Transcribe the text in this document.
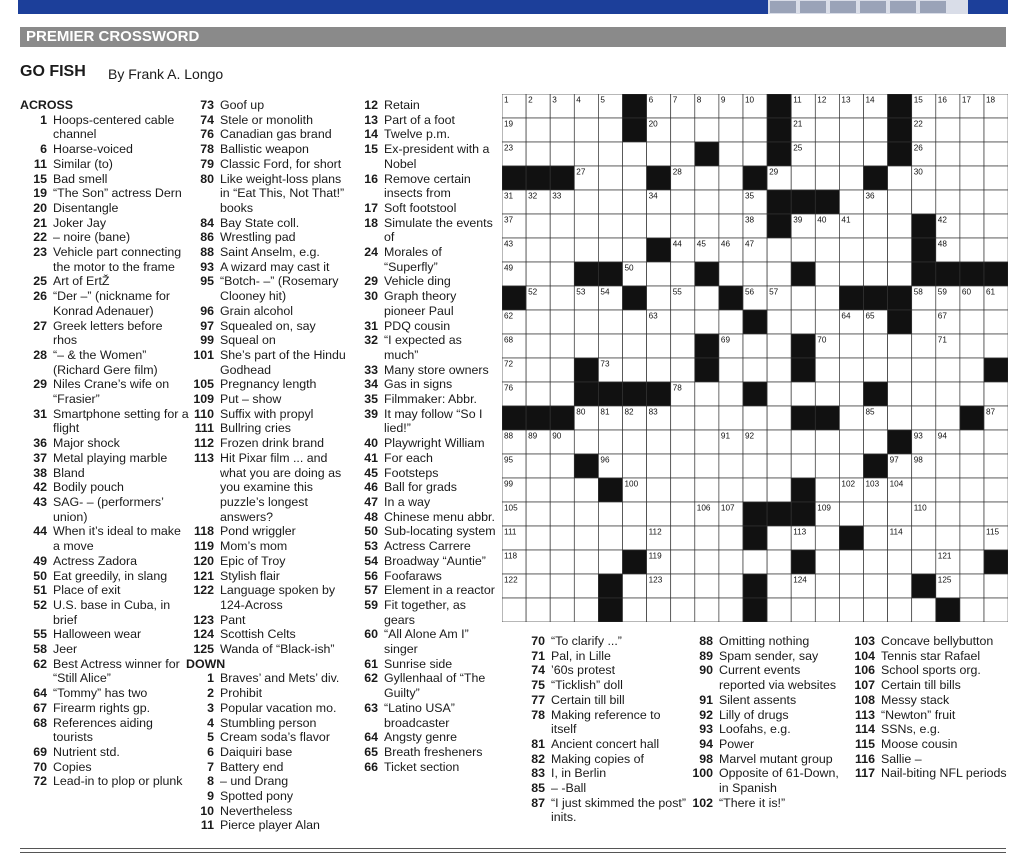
PREMIER CROSSWORD
GO FISH By Frank A. Longo
ACROSS
1 Hoops-centered cable channel
6 Hoarse-voiced
11 Similar (to)
15 Bad smell
19 “The Son” actress Dern
20 Disentangle
21 Joker Jay
22 – noire (bane)
23 Vehicle part connecting the motor to the frame
25 Art of ErtŽ
26 “Der –” (nickname for Konrad Adenauer)
27 Greek letters before rhos
28 “– & the Women” (Richard Gere film)
29 Niles Crane’s wife on “Frasier”
31 Smartphone setting for a flight
36 Major shock
37 Metal playing marble
38 Bland
42 Bodily pouch
43 SAG- – (performers’ union)
44 When it’s ideal to make a move
49 Actress Zadora
50 Eat greedily, in slang
51 Place of exit
52 U.S. base in Cuba, in brief
55 Halloween wear
58 Jeer
62 Best Actress winner for “Still Alice”
64 “Tommy” has two
67 Firearm rights gp.
68 References aiding tourists
69 Nutrient std.
70 Copies
72 Lead-in to plop or plunk
73 Goof up
74 Stele or monolith
76 Canadian gas brand
78 Ballistic weapon
79 Classic Ford, for short
80 Like weight-loss plans in “Eat This, Not That!” books
84 Bay State coll.
86 Wrestling pad
88 Saint Anselm, e.g.
93 A wizard may cast it
95 “Botch- –” (Rosemary Clooney hit)
96 Grain alcohol
97 Squealed on, say
99 Squeal on
101 She’s part of the Hindu Godhead
105 Pregnancy length
109 Put – show
110 Suffix with propyl
111 Bullring cries
112 Frozen drink brand
113 Hit Pixar film ... and what you are doing as you examine this puzzle’s longest answers?
118 Pond wriggler
119 Mom’s mom
120 Epic of Troy
121 Stylish flair
122 Language spoken by 124-Across
123 Pant
124 Scottish Celts
125 Wanda of “Black-ish”
DOWN
1 Braves’ and Mets’ div.
2 Prohibit
3 Popular vacation mo.
4 Stumbling person
5 Cream soda’s flavor
6 Daiquiri base
7 Battery end
8 – und Drang
9 Spotted pony
10 Nevertheless
11 Pierce player Alan
12 Retain
13 Part of a foot
14 Twelve p.m.
15 Ex-president with a Nobel
16 Remove certain insects from
17 Soft footstool
18 Simulate the events of
24 Morales of “Superfly”
29 Vehicle ding
30 Graph theory pioneer Paul
31 PDQ cousin
32 “I expected as much”
33 Many store owners
34 Gas in signs
35 Filmmaker: Abbr.
39 It may follow “So I lied!”
40 Playwright William
41 For each
45 Footsteps
46 Ball for grads
47 In a way
48 Chinese menu abbr.
50 Sub-locating system
53 Actress Carrere
54 Broadway “Auntie”
56 Foofaraws
57 Element in a reactor
59 Fit together, as gears
60 “All Alone Am I” singer
61 Sunrise side
62 Gyllenhaal of “The Guilty”
63 “Latino USA” broadcaster
64 Angsty genre
65 Breath fresheners
66 Ticket section
70 “To clarify ...”
71 Pal, in Lille
74 ’60s protest
75 “Ticklish” doll
77 Certain till bill
78 Making reference to itself
81 Ancient concert hall
82 Making copies of
83 I, in Berlin
85 – -Ball
87 “I just skimmed the post” inits.
88 Omitting nothing
89 Spam sender, say
90 Current events reported via websites
91 Silent assents
92 Lilly of drugs
93 Loofahs, e.g.
94 Power
98 Marvel mutant group
100 Opposite of 61-Down, in Spanish
102 “There it is!”
103 Concave bellybutton
104 Tennis star Rafael
106 School sports org.
107 Certain till bills
108 Messy stack
113 “Newton” fruit
114 SSNs, e.g.
115 Moose cousin
116 Sallie –
117 Nail-biting NFL periods
1 2 3 4 5	6 7 8 9 10	11 12 13 14	15 16 17 18
19	20	21	22
23	25	26
27	28	29	30
31 32 33	34	35	36
37	38	39 40 41	42
43	44 45 46 47	48
49	50
52	53 54	55	56 57	58 59 60 61
62	63	64 65	67
68	69	70	71
72	73
76	78
80 81 82 83	85	87
88 89 90	91 92	93 94
95	96	97 98
99	100	102 103 104
105	106 107	109	110
111	112	113	114	115
118	119	121
122	123	124	125
